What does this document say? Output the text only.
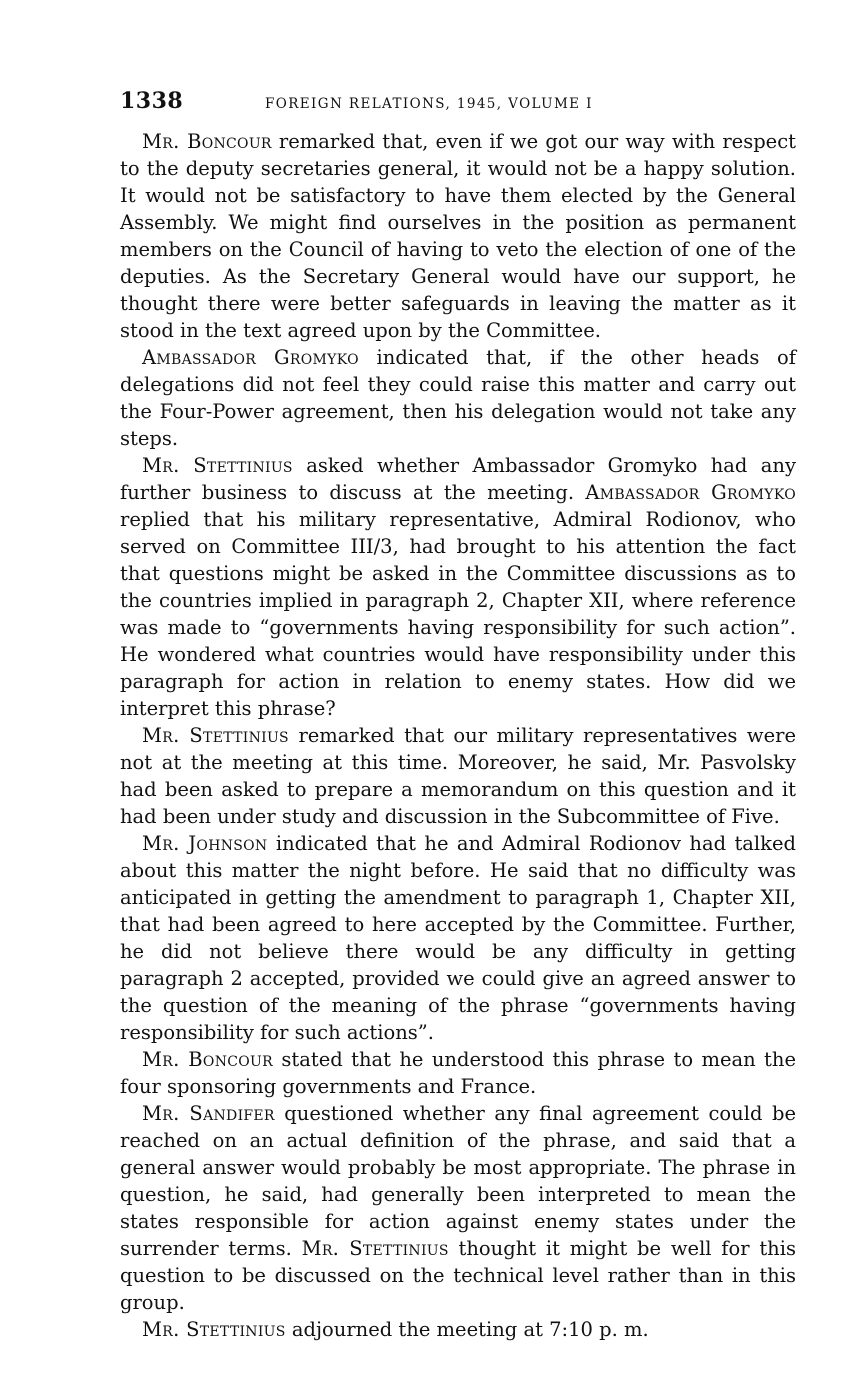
1338	FOREIGN RELATIONS, 1945, VOLUME I

Mr. Boncour remarked that, even if we got our way with respect to the deputy secretaries general, it would not be a happy solution. It would not be satisfactory to have them elected by the General Assembly. We might find ourselves in the position as permanent members on the Council of having to veto the election of one of the deputies. As the Secretary General would have our support, he thought there were better safeguards in leaving the matter as it stood in the text agreed upon by the Committee.

Ambassador Gromyko indicated that, if the other heads of delegations did not feel they could raise this matter and carry out the Four-Power agreement, then his delegation would not take any steps.

Mr. Stettinius asked whether Ambassador Gromyko had any further business to discuss at the meeting. Ambassador Gromyko replied that his military representative, Admiral Rodionov, who served on Committee III/3, had brought to his attention the fact that questions might be asked in the Committee discussions as to the countries implied in paragraph 2, Chapter XII, where reference was made to “governments having responsibility for such action”. He wondered what countries would have responsibility under this paragraph for action in relation to enemy states. How did we interpret this phrase?

Mr. Stettinius remarked that our military representatives were not at the meeting at this time. Moreover, he said, Mr. Pasvolsky had been asked to prepare a memorandum on this question and it had been under study and discussion in the Subcommittee of Five.

Mr. Johnson indicated that he and Admiral Rodionov had talked about this matter the night before. He said that no difficulty was anticipated in getting the amendment to paragraph 1, Chapter XII, that had been agreed to here accepted by the Committee. Further, he did not believe there would be any difficulty in getting paragraph 2 accepted, provided we could give an agreed answer to the question of the meaning of the phrase “governments having responsibility for such actions”.

Mr. Boncour stated that he understood this phrase to mean the four sponsoring governments and France.

Mr. Sandifer questioned whether any final agreement could be reached on an actual definition of the phrase, and said that a general answer would probably be most appropriate. The phrase in question, he said, had generally been interpreted to mean the states responsible for action against enemy states under the surrender terms. Mr. Stettinius thought it might be well for this question to be discussed on the technical level rather than in this group.

Mr. Stettinius adjourned the meeting at 7:10 p. m.
